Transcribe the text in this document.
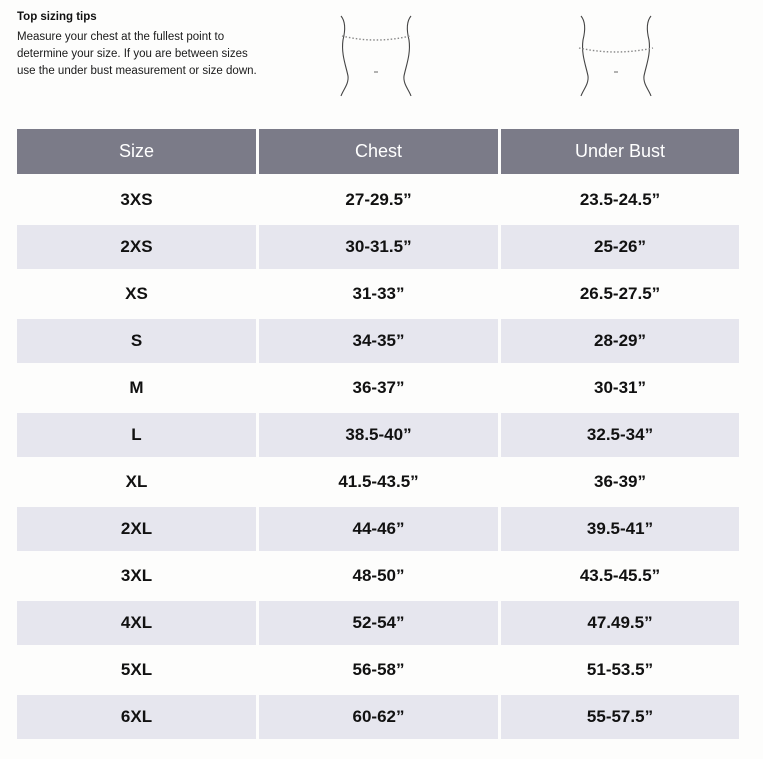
Top sizing tips
Measure your chest at the fullest point to determine your size. If you are between sizes use the under bust measurement or size down.
Size	Chest	Under Bust
3XS	27-29.5”	23.5-24.5”
2XS	30-31.5”	25-26”
XS	31-33”	26.5-27.5”
S	34-35”	28-29”
M	36-37”	30-31”
L	38.5-40”	32.5-34”
XL	41.5-43.5”	36-39”
2XL	44-46”	39.5-41”
3XL	48-50”	43.5-45.5”
4XL	52-54”	47.49.5”
5XL	56-58”	51-53.5”
6XL	60-62”	55-57.5”
